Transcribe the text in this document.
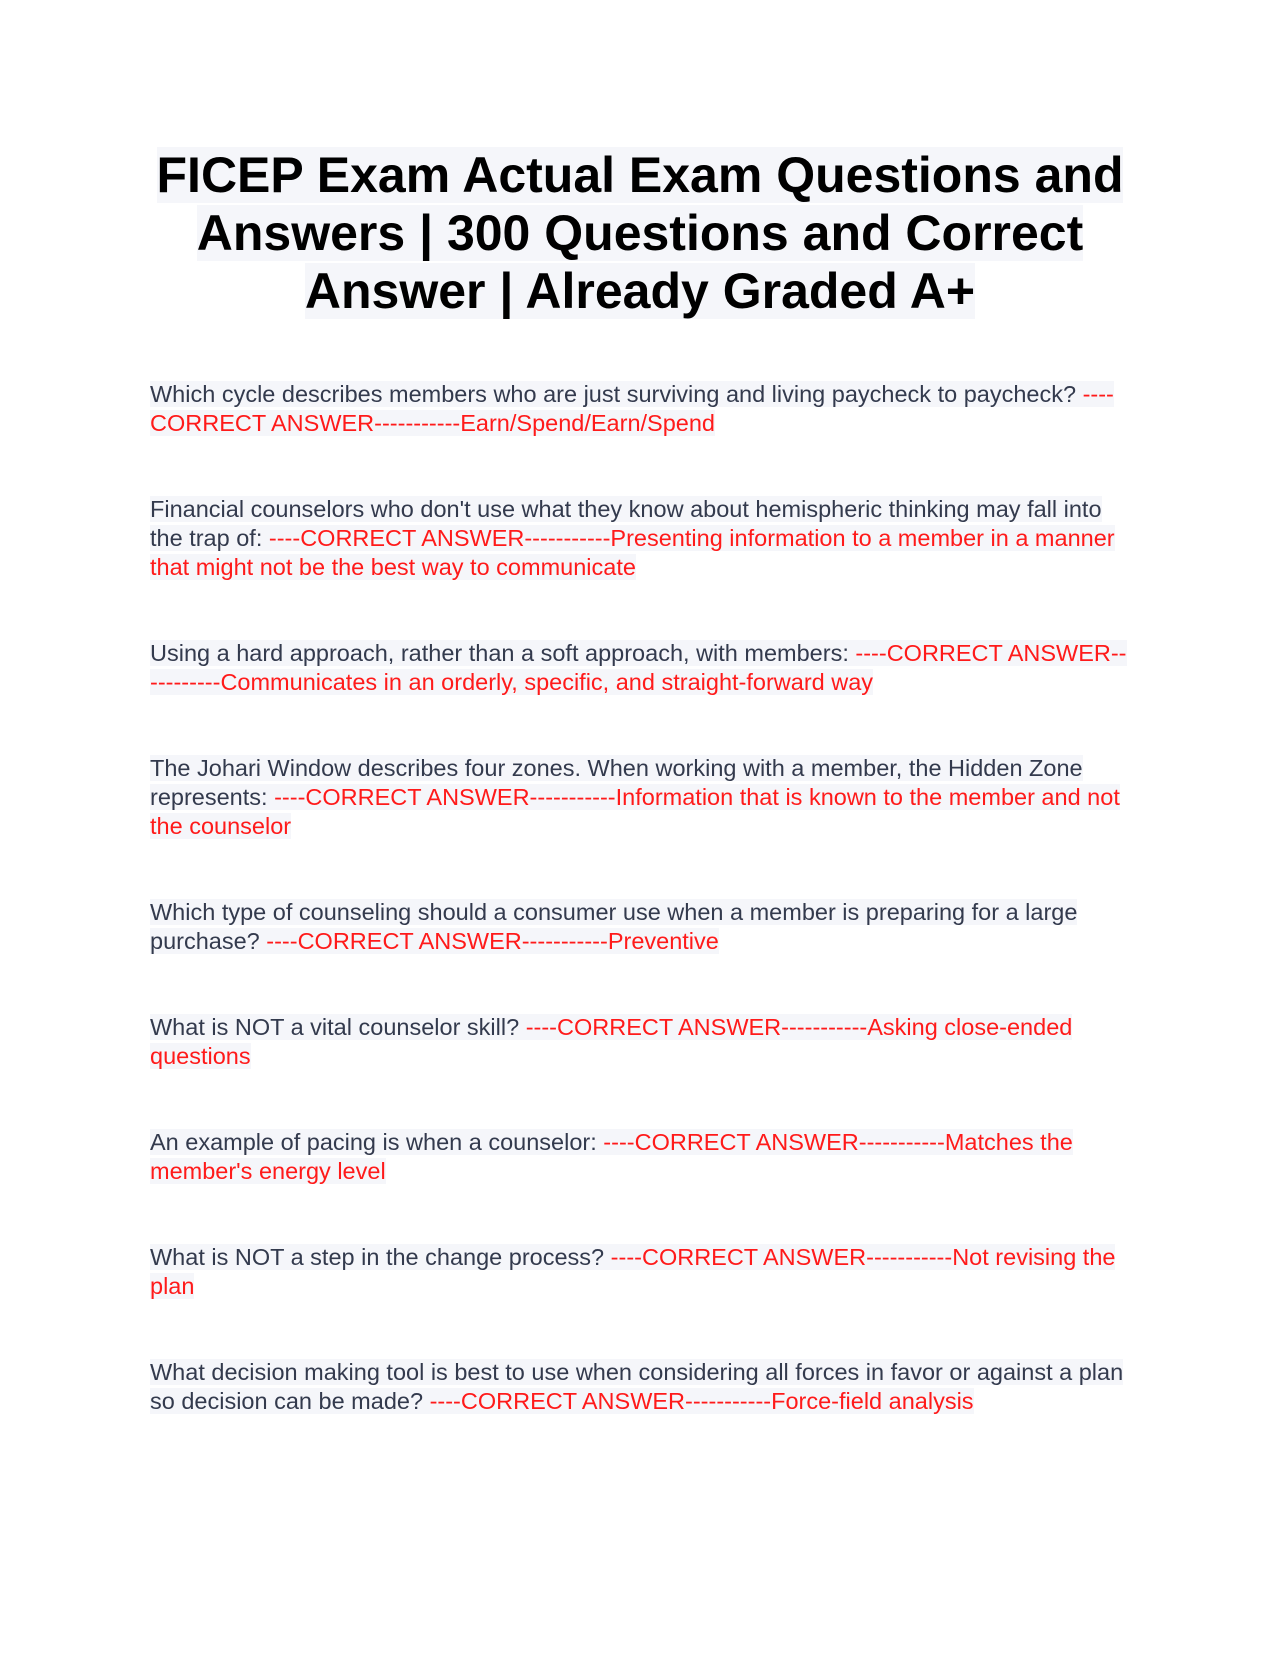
FICEP Exam Actual Exam Questions and Answers | 300 Questions and Correct Answer | Already Graded A+
Which cycle describes members who are just surviving and living paycheck to paycheck? ----CORRECT ANSWER-----------Earn/Spend/Earn/Spend
Financial counselors who don't use what they know about hemispheric thinking may fall into the trap of: ----CORRECT ANSWER-----------Presenting information to a member in a manner that might not be the best way to communicate
Using a hard approach, rather than a soft approach, with members: ----CORRECT ANSWER-----------Communicates in an orderly, specific, and straight-forward way
The Johari Window describes four zones. When working with a member, the Hidden Zone represents: ----CORRECT ANSWER-----------Information that is known to the member and not the counselor
Which type of counseling should a consumer use when a member is preparing for a large purchase? ----CORRECT ANSWER-----------Preventive
What is NOT a vital counselor skill? ----CORRECT ANSWER-----------Asking close-ended questions
An example of pacing is when a counselor: ----CORRECT ANSWER-----------Matches the member's energy level
What is NOT a step in the change process? ----CORRECT ANSWER-----------Not revising the plan
What decision making tool is best to use when considering all forces in favor or against a plan so decision can be made? ----CORRECT ANSWER-----------Force-field analysis
